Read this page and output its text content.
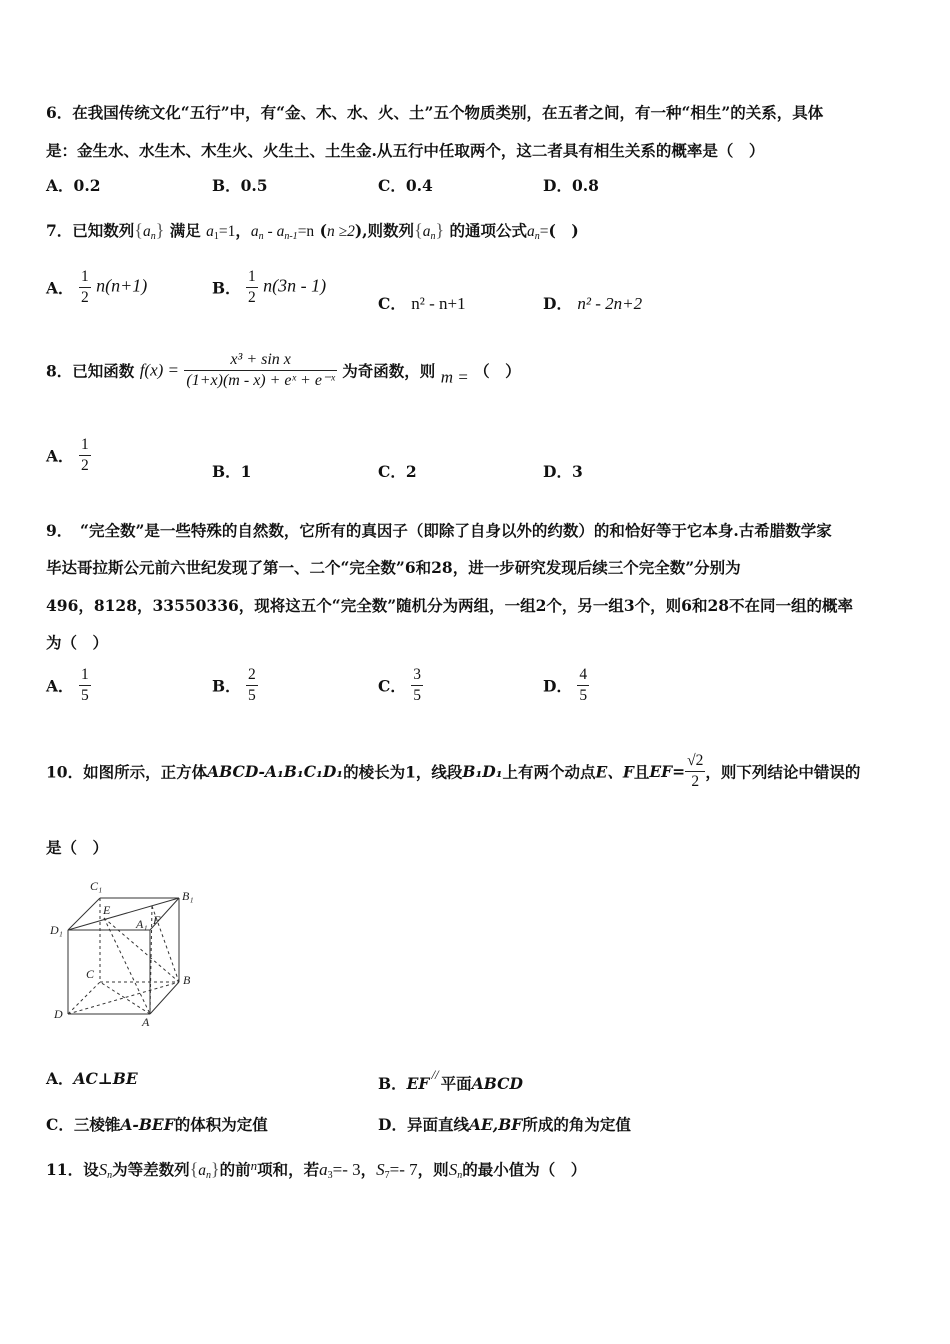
6．在我国传统文化“五行”中，有“金、木、水、火、土”五个物质类别，在五者之间，有一种“相生”的关系，具体
是：金生水、水生木、木生火、火生土、土生金.从五行中任取两个，这二者具有相生关系的概率是（　）
A．0.2	B．0.5	C．0.4	D．0.8
7．已知数列$\{a_n\}$ 满足 $a_1=1$，$a_n - a_{n-1}=n$ (n ≥2),则数列$\{a_n\}$ 的通项公式$a_n=$(　)
A． $\frac{1}{2} n(n+1)$	B． $\frac{1}{2} n(3n - 1)$
C． n² - n+1	D． n² - 2n+2
8．已知函数 $f(x) = \frac{\text{x³ + sin x}}{\text{(1+x)(m - x) + eˣ + e⁻ˣ}}$ 为奇函数，则 m = （　）
A． $\frac{1}{2}$	B．1	C．2	D．3
9．　“完全数”是一些特殊的自然数，它所有的真因子（即除了自身以外的约数）的和恰好等于它本身.古希腊数学家
毕达哥拉斯公元前六世纪发现了第一、二个“完全数”6和28，进一步研究发现后续三个完全数”分别为
496，8128，33550336，现将这五个“完全数”随机分为两组，一组2个，另一组3个，则6和28不在同一组的概率
为（　）
A． $\frac{1}{5}$	B． $\frac{2}{5}$	C． $\frac{3}{5}$	D． $\frac{4}{5}$
10．如图所示，正方体ABCD-A₁B₁C₁D₁的棱长为1，线段B₁D₁上有两个动点E、F且$EF= \frac{√2}{2}$ ，则下列结论中错误的
是（　）
C₁
B₁
D₁
E
A₁ F
C	B
D
A
A．AC⊥BE	B．EF // 平面ABCD
C．三棱锥A-BEF的体积为定值	D．异面直线AE,BF所成的角为定值
11．设$S_n$为等差数列$\{a_n\}$的前$^n$项和，若$a_3=-$ 3，$S_7=-$ 7，则$S_n$的最小值为（　）
